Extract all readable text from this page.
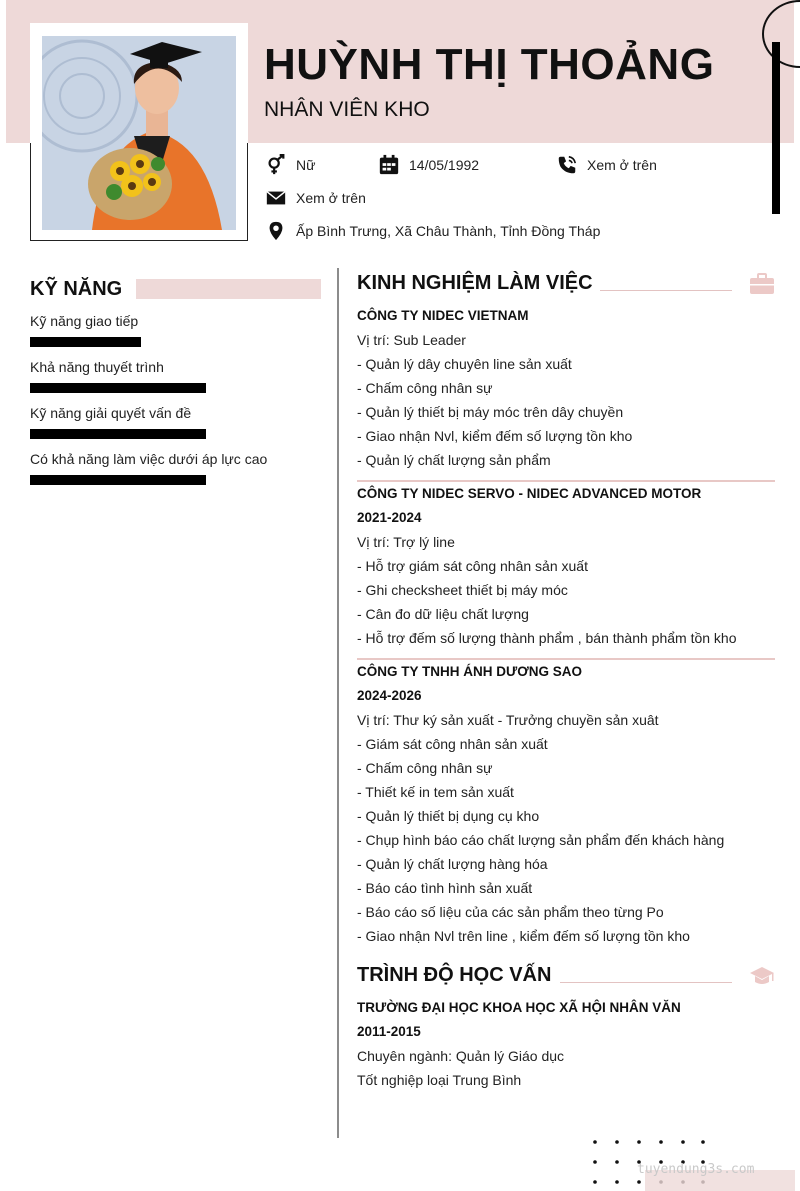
HUỲNH THỊ THOẢNG
NHÂN VIÊN KHO
Nữ	14/05/1992	Xem ở trên
Xem ở trên
Ấp Bình Trưng, Xã Châu Thành, Tỉnh Đồng Tháp
KỸ NĂNG
Kỹ năng giao tiếp
Khả năng thuyết trình
Kỹ năng giải quyết vấn đề
Có khả năng làm việc dưới áp lực cao
KINH NGHIỆM LÀM VIỆC
CÔNG TY NIDEC VIETNAM
Vị trí: Sub Leader
- Quản lý dây chuyên line sản xuất
- Chấm công nhân sự
- Quản lý thiết bị máy móc trên dây chuyền
- Giao nhận Nvl, kiểm đếm số lượng tồn kho
- Quản lý chất lượng sản phẩm
CÔNG TY NIDEC SERVO - NIDEC ADVANCED MOTOR
2021-2024
Vị trí: Trợ lý line
- Hỗ trợ giám sát công nhân sản xuất
- Ghi checksheet thiết bị máy móc
- Cân đo dữ liệu chất lượng
- Hỗ trợ đếm số lượng thành phẩm , bán thành phẩm tồn kho
CÔNG TY TNHH ÁNH DƯƠNG SAO
2024-2026
Vị trí: Thư ký sản xuất - Trưởng chuyền sản xuât
- Giám sát công nhân sản xuất
- Chấm công nhân sự
- Thiết kế in tem sản xuất
- Quản lý thiết bị dụng cụ kho
- Chụp hình báo cáo chất lượng sản phẩm đến khách hàng
- Quản lý chất lượng hàng hóa
- Báo cáo tình hình sản xuất
- Báo cáo số liệu của các sản phẩm theo từng Po
- Giao nhận Nvl trên line , kiểm đếm số lượng tồn kho
TRÌNH ĐỘ HỌC VẤN
TRƯỜNG ĐẠI HỌC KHOA HỌC XÃ HỘI NHÂN VĂN
2011-2015
Chuyên ngành: Quản lý Giáo dục
Tốt nghiệp loại Trung Bình
tuyendung3s.com
